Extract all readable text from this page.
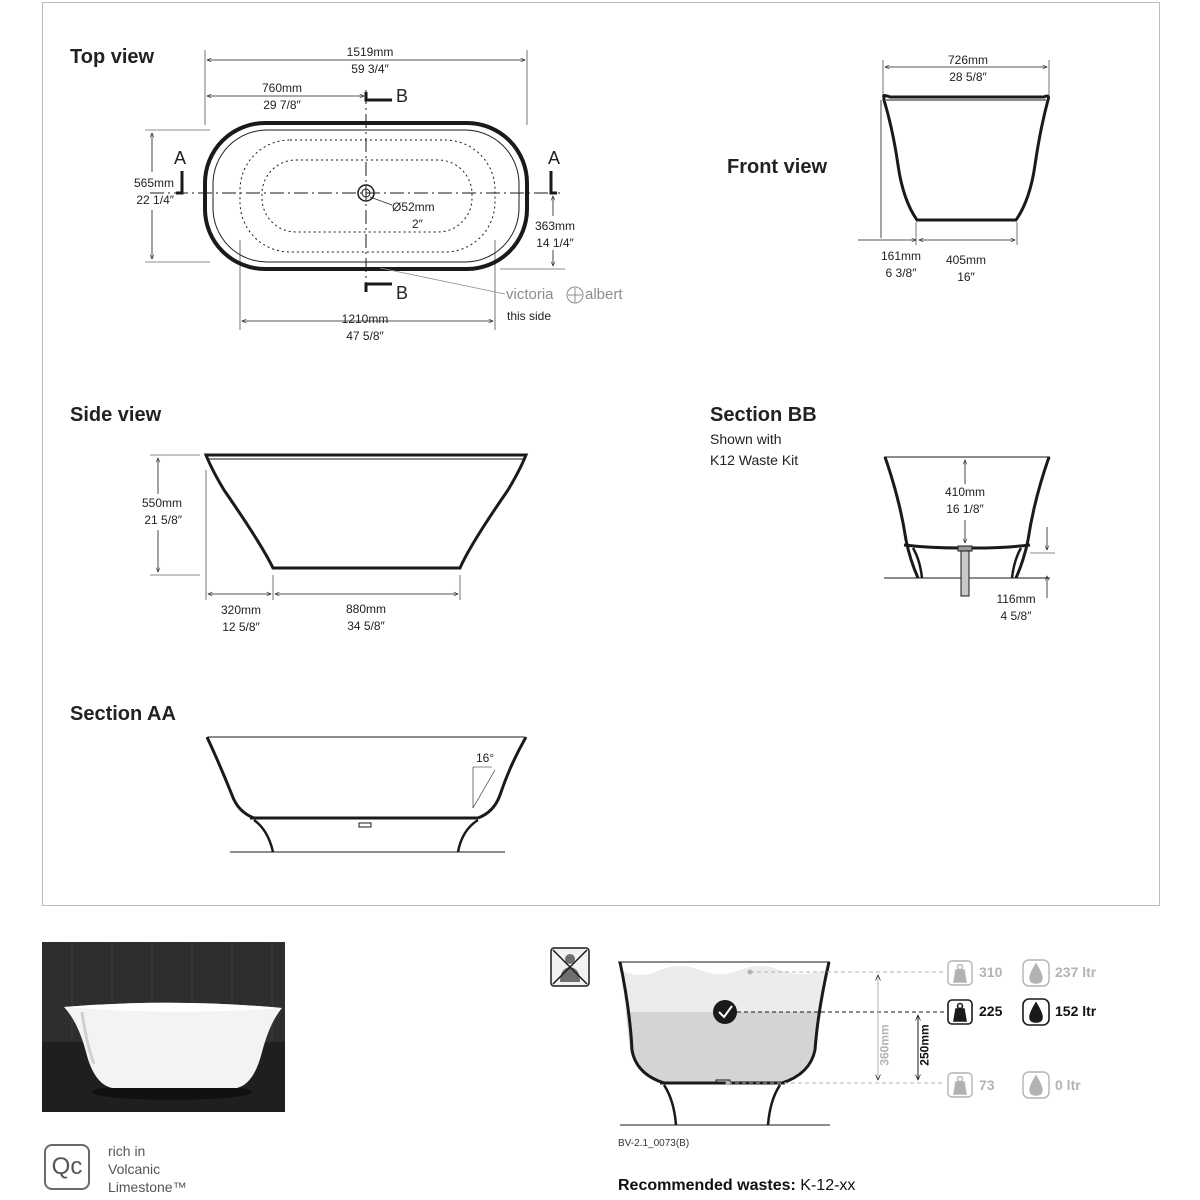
Top view
Front view
Side view	Section BB
Shown with
K12 Waste Kit
Section AA
1519mm
59 3/4″
760mm
29 7/8″
565mm
22 1/4″	Ø52mm
2″	363mm
14 1/4″
1210mm
47 5/8″
A	A
B
B	victoria albert
this side
726mm
28 5/8″
161mm
6 3/8″
405mm
16″
550mm
21 5/8″
320mm
12 5/8″
880mm
34 5/8″
410mm
16 1/8″
116mm
4 5/8″
16°
Qc
rich in
Volcanic
Limestone™
310	237 ltr
225	152 ltr
73	0 ltr
360mm 250mm
BV-2.1_0073(B)
Recommended wastes: K-12-xx
